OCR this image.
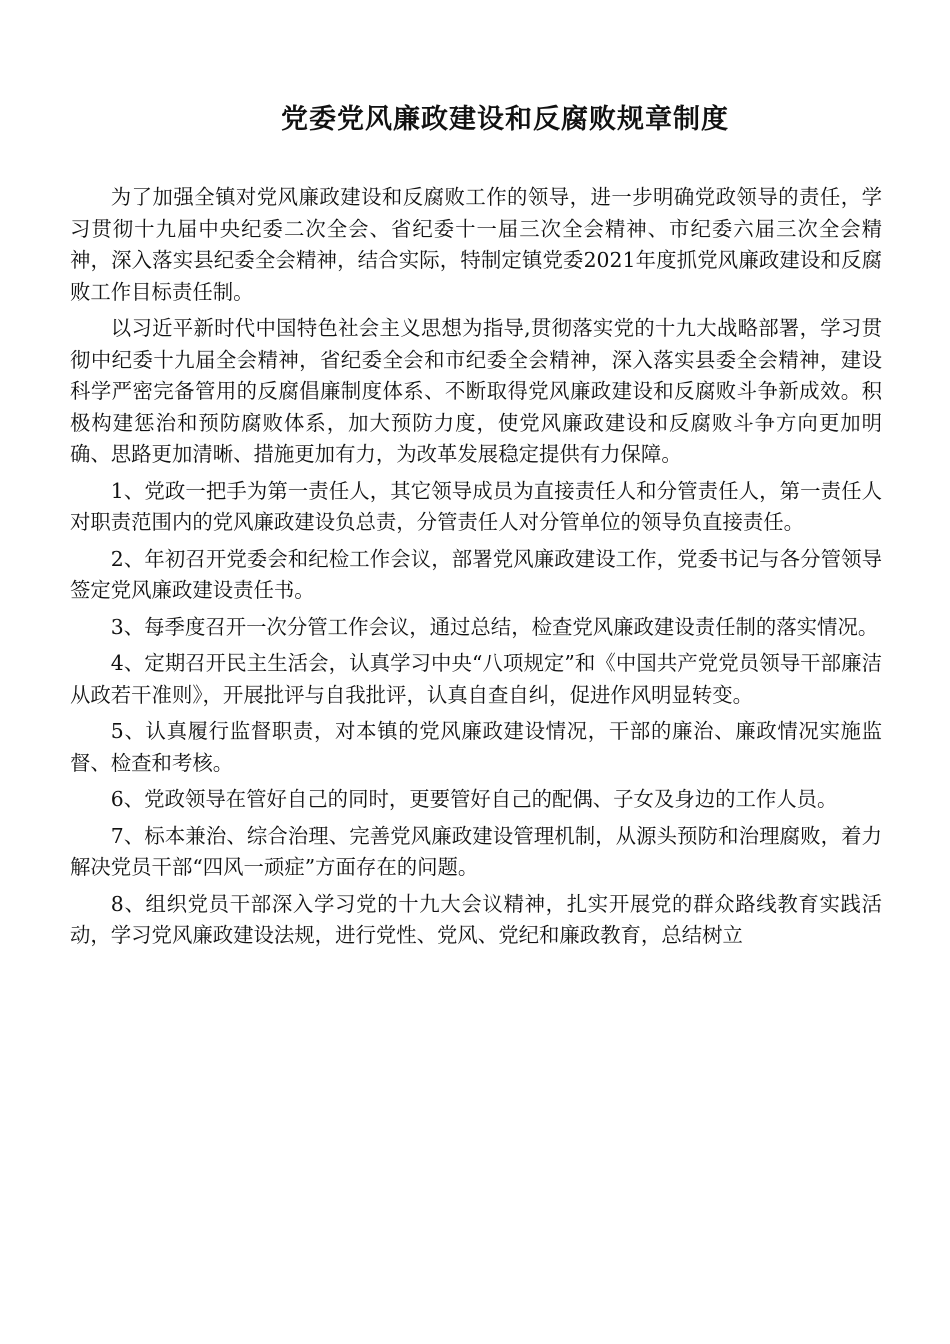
党委党风廉政建设和反腐败规章制度

为了加强全镇对党风廉政建设和反腐败工作的领导，进一步明确党政领导的责任，学习贯彻十九届中央纪委二次全会、省纪委十一届三次全会精神、市纪委六届三次全会精神，深入落实县纪委全会精神，结合实际，特制定镇党委2021年度抓党风廉政建设和反腐败工作目标责任制。

以习近平新时代中国特色社会主义思想为指导,贯彻落实党的十九大战略部署，学习贯彻中纪委十九届全会精神，省纪委全会和市纪委全会精神，深入落实县委全会精神，建设科学严密完备管用的反腐倡廉制度体系、不断取得党风廉政建设和反腐败斗争新成效。积极构建惩治和预防腐败体系，加大预防力度，使党风廉政建设和反腐败斗争方向更加明确、思路更加清晰、措施更加有力，为改革发展稳定提供有力保障。

1、党政一把手为第一责任人，其它领导成员为直接责任人和分管责任人，第一责任人对职责范围内的党风廉政建设负总责，分管责任人对分管单位的领导负直接责任。

2、年初召开党委会和纪检工作会议，部署党风廉政建设工作，党委书记与各分管领导签定党风廉政建设责任书。

3、每季度召开一次分管工作会议，通过总结，检查党风廉政建设责任制的落实情况。

4、定期召开民主生活会，认真学习中央“八项规定”和《中国共产党党员领导干部廉洁从政若干准则》，开展批评与自我批评，认真自查自纠，促进作风明显转变。

5、认真履行监督职责，对本镇的党风廉政建设情况，干部的廉治、廉政情况实施监督、检查和考核。

6、党政领导在管好自己的同时，更要管好自己的配偶、子女及身边的工作人员。

7、标本兼治、综合治理、完善党风廉政建设管理机制，从源头预防和治理腐败，着力解决党员干部“四风一顽症”方面存在的问题。

8、组织党员干部深入学习党的十九大会议精神，扎实开展党的群众路线教育实践活动，学习党风廉政建设法规，进行党性、党风、党纪和廉政教育，总结树立
